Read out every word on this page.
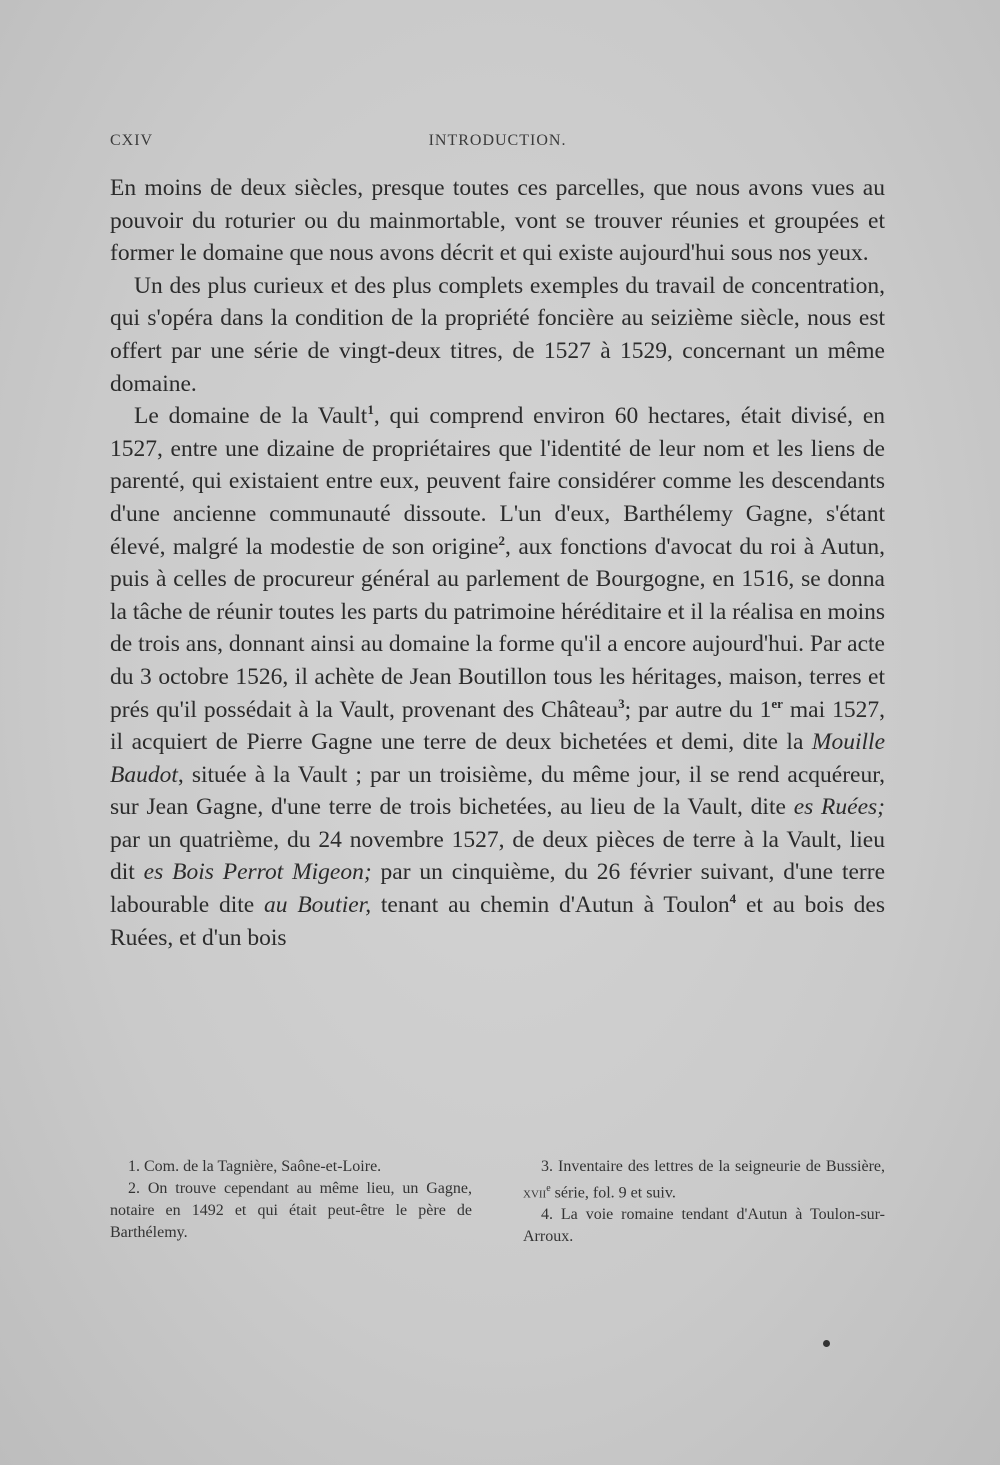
CXIV	INTRODUCTION.

En moins de deux siècles, presque toutes ces parcelles, que nous avons vues au pouvoir du roturier ou du mainmortable, vont se trouver réunies et groupées et former le domaine que nous avons décrit et qui existe aujourd'hui sous nos yeux.

Un des plus curieux et des plus complets exemples du travail de concentration, qui s'opéra dans la condition de la propriété foncière au seizième siècle, nous est offert par une série de vingt-deux titres, de 1527 à 1529, concernant un même domaine.

Le domaine de la Vault$^1$, qui comprend environ 60 hectares, était divisé, en 1527, entre une dizaine de propriétaires que l'identité de leur nom et les liens de parenté, qui existaient entre eux, peuvent faire considérer comme les descendants d'une ancienne communauté dissoute. L'un d'eux, Barthélemy Gagne, s'étant élevé, malgré la modestie de son origine$^2$, aux fonctions d'avocat du roi à Autun, puis à celles de procureur général au parlement de Bourgogne, en 1516, se donna la tâche de réunir toutes les parts du patrimoine héréditaire et il la réalisa en moins de trois ans, donnant ainsi au domaine la forme qu'il a encore aujourd'hui. Par acte du 3 octobre 1526, il achète de Jean Boutillon tous les héritages, maison, terres et prés qu'il possédait à la Vault, provenant des Château$^3$; par autre du 1er mai 1527, il acquiert de Pierre Gagne une terre de deux bichetées et demi, dite la Mouille Baudot, située à la Vault ; par un troisième, du même jour, il se rend acquéreur, sur Jean Gagne, d'une terre de trois bichetées, au lieu de la Vault, dite es Ruées; par un quatrième, du 24 novembre 1527, de deux pièces de terre à la Vault, lieu dit es Bois Perrot Migeon; par un cinquième, du 26 février suivant, d'une terre labourable dite au Boutier, tenant au chemin d'Autun à Toulon$^4$ et au bois des Ruées, et d'un bois

1. Com. de la Tagnière, Saône-et-Loire.

2. On trouve cependant au même lieu, un Gagne, notaire en 1492 et qui était peut-être le père de Barthélemy.

3. Inventaire des lettres de la seigneurie de Bussière, xvii$^e$ série, fol. 9 et suiv.

4. La voie romaine tendant d'Autun à Toulon-sur-Arroux.
